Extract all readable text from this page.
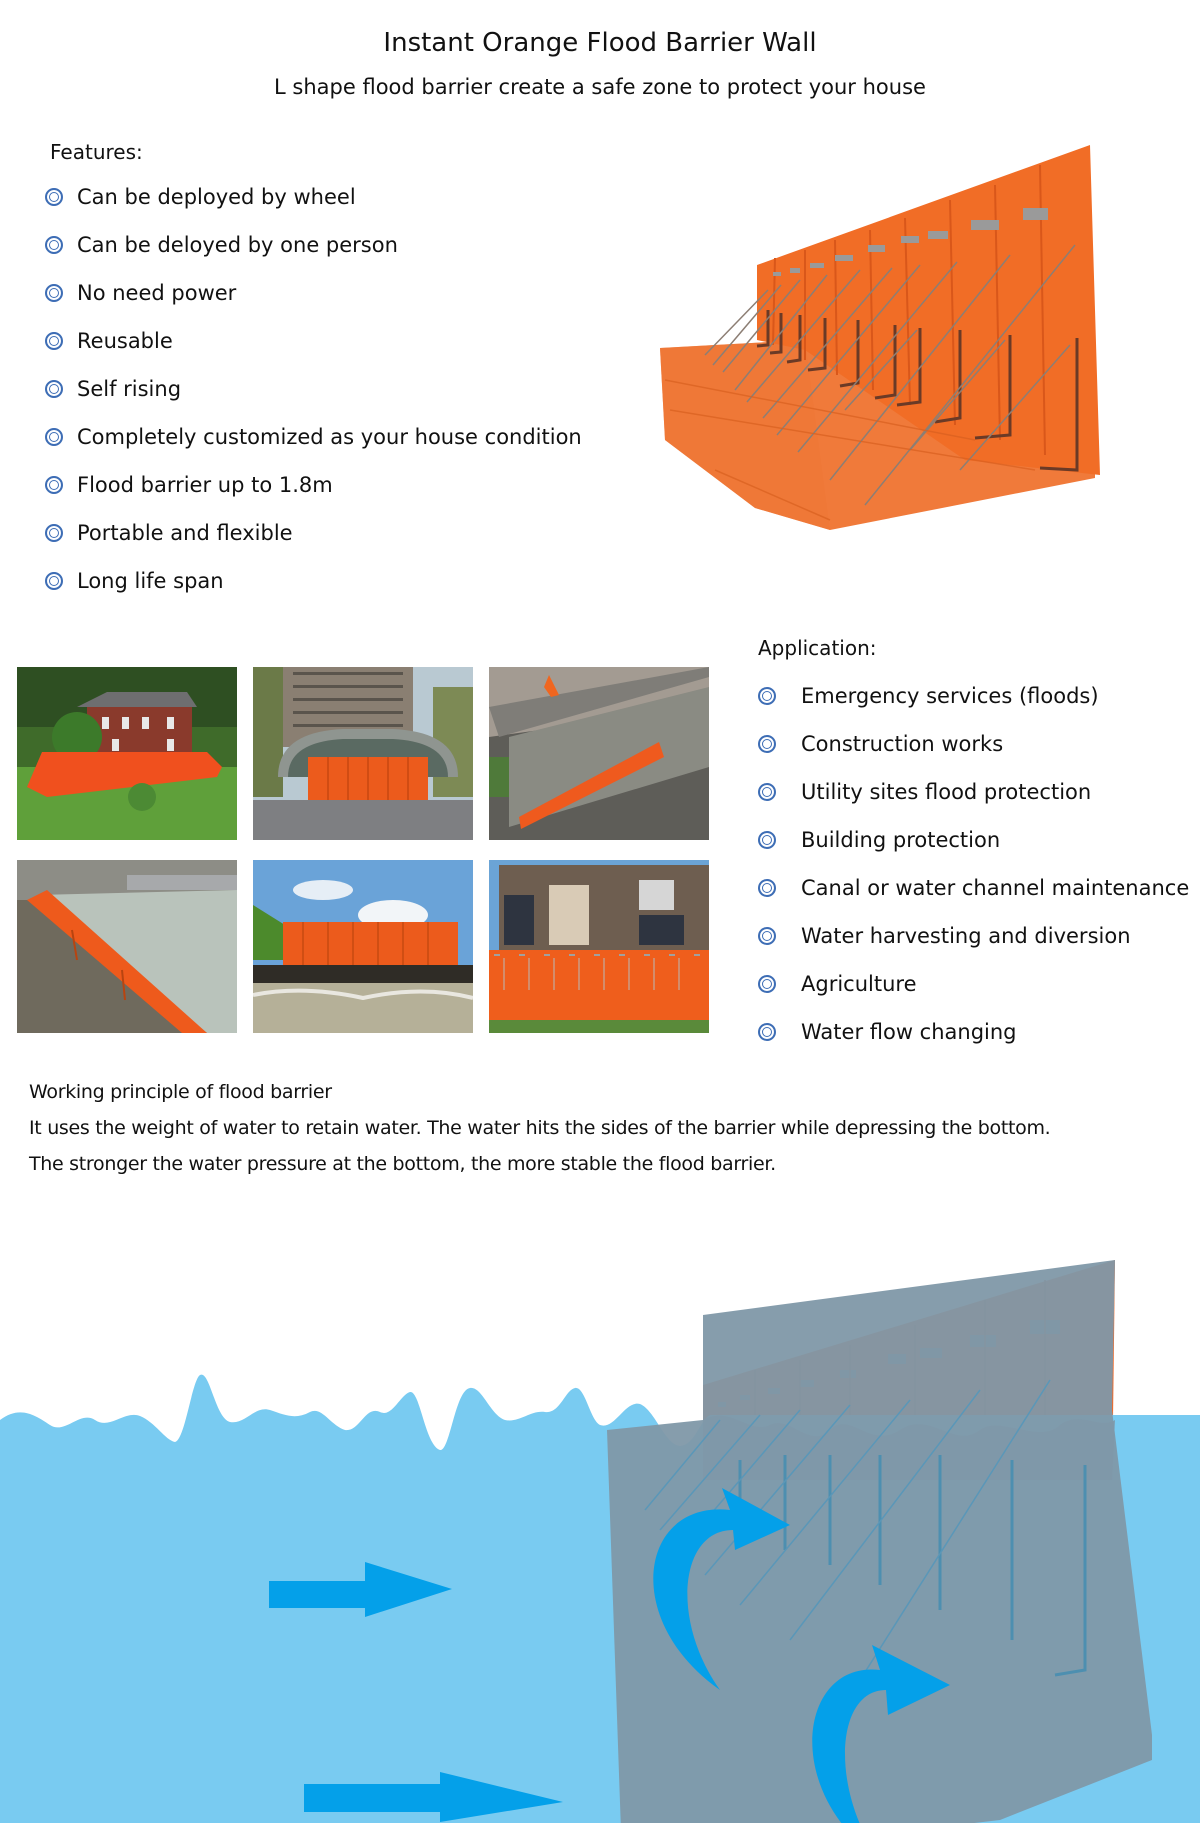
Instant Orange Flood Barrier Wall
L shape flood barrier create a safe zone to protect your house
Features:
Can be deployed by wheel
Can be deloyed by one person
No need power
Reusable
Self rising
Completely customized as your house condition
Flood barrier up to 1.8m
Portable and flexible
Long life span
Application:
Emergency services (floods)
Construction works
Utility sites flood protection
Building protection
Canal or water channel maintenance
Water harvesting and diversion
Agriculture
Water flow changing
Working principle of flood barrier
It uses the weight of water to retain water. The water hits the sides of the barrier while depressing the bottom.
The stronger the water pressure at the bottom, the more stable the flood barrier.
